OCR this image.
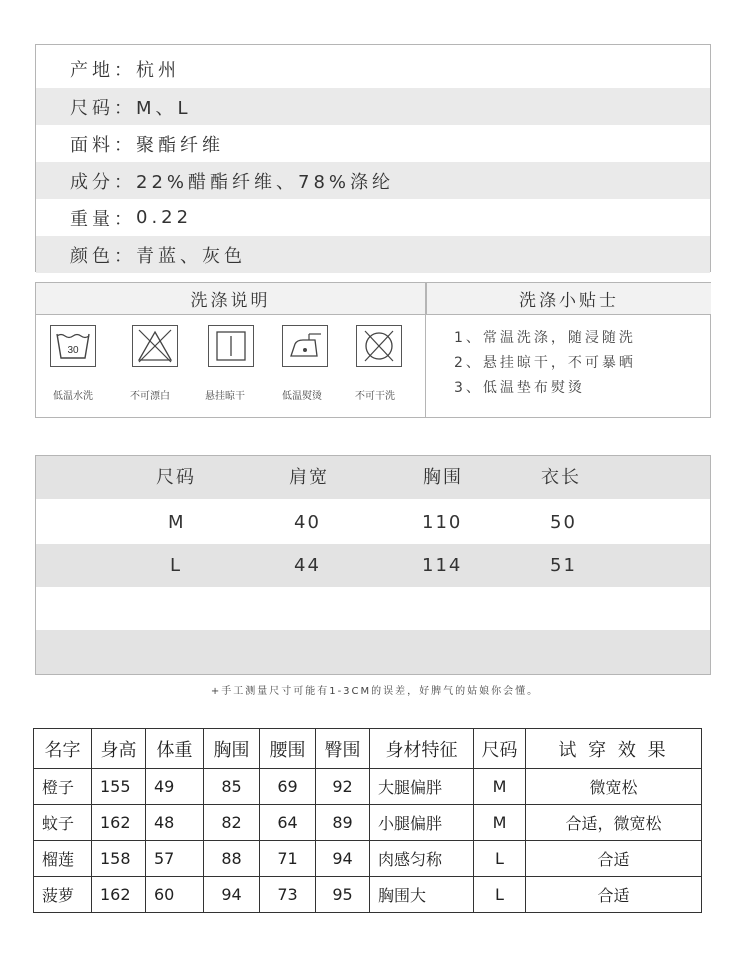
产地： 杭州
尺码： M、L
面料： 聚酯纤维
成分： 22%醋酯纤维、78%涤纶
重量： 0.22
颜色： 青蓝、灰色
洗涤说明	洗涤小贴士
30
低温水洗	不可漂白	悬挂晾干	低温熨烫	不可干洗
1、常温洗涤，随浸随洗
2、悬挂晾干，不可暴晒
3、低温垫布熨烫
尺码	肩宽	胸围	衣长
M	40	110	50
L	44	114	51
+手工测量尺寸可能有1-3CM的误差，好脾气的姑娘你会懂。
名字	身高	体重	胸围	腰围	臀围	身材特征	尺码	试 穿 效 果
橙子	155	49	85	69	92	大腿偏胖	M	微宽松
蚊子	162	48	82	64	89	小腿偏胖	M	合适，微宽松
榴莲	158	57	88	71	94	肉感匀称	L	合适
菠萝	162	60	94	73	95	胸围大	L	合适
